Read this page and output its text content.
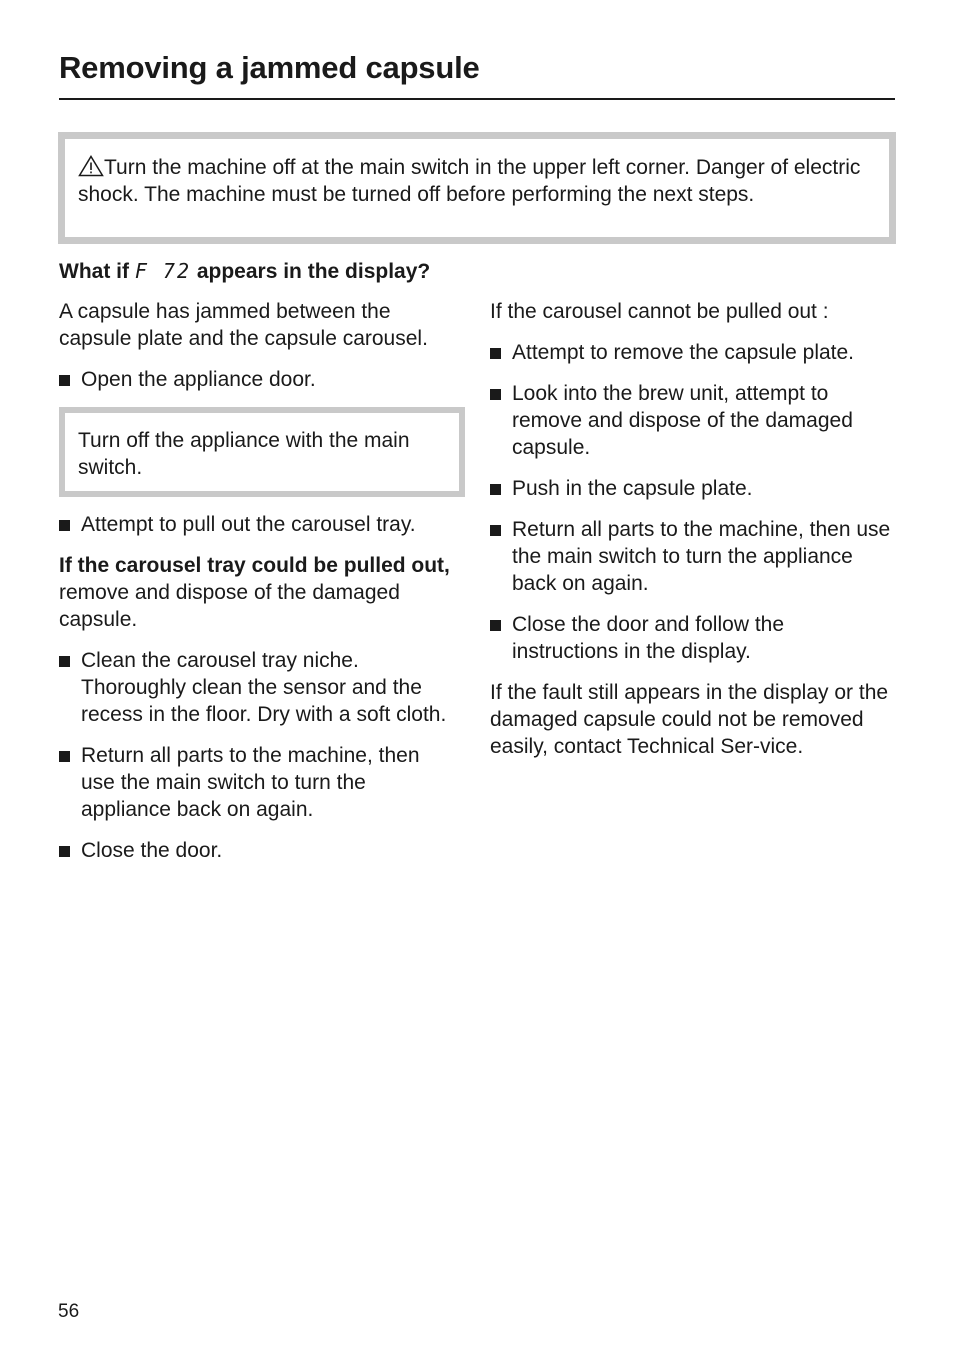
Removing a jammed capsule
Turn the machine off at the main switch in the upper left corner. Danger of electric shock. The machine must be turned off before performing the next steps.
What if F 72 appears in the display?

A capsule has jammed between the capsule plate and the capsule carousel.

Open the appliance door.
Turn off the appliance with the main switch.
Attempt to pull out the carousel tray.

If the carousel tray could be pulled out, remove and dispose of the damaged capsule.

Clean the carousel tray niche. Thoroughly clean the sensor and the recess in the floor. Dry with a soft cloth.
Return all parts to the machine, then use the main switch to turn the appliance back on again.
Close the door.

If the carousel cannot be pulled out :

Attempt to remove the capsule plate.
Look into the brew unit, attempt to remove and dispose of the damaged capsule.
Push in the capsule plate.
Return all parts to the machine, then use the main switch to turn the appliance back on again.
Close the door and follow the instructions in the display.

If the fault still appears in the display or the damaged capsule could not be removed easily, contact Technical Ser-vice.

56
